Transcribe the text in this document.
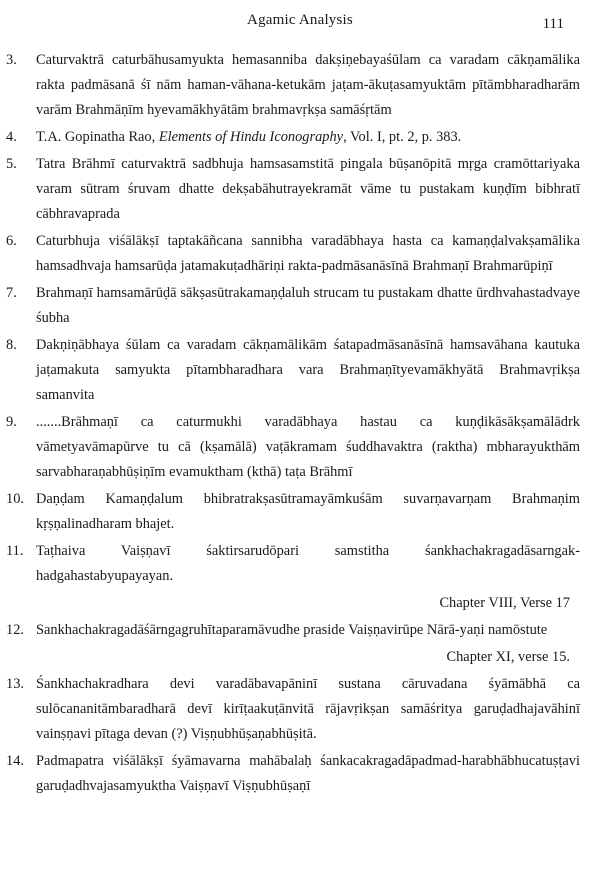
Agamic Analysis	111
3.	Caturvaktrā caturbāhusamyukta hemasanniba dakṣiṇebayaśūlam ca varadam cākṇamālika rakta padmāsanā śī nām haman-vāhana-ketukām jaṭam-ākuṭasamyuktām pītāmbharadharām varām Brahmāṇīm hyevamākhyātām brahmavṛkṣa samāśṛtām
4.	T.A. Gopinatha Rao, Elements of Hindu Iconography, Vol. I, pt. 2, p. 383.
5.	Tatra Brāhmī caturvaktrā sadbhuja hamsasamstitā pingala būṣanōpitā mṛga cramōttariyaka varam sūtram śruvam dhatte dekṣabāhutrayekramāt vāme tu pustakam kuṇḍīm bibhratī cābhravaprada
6.	Caturbhuja viśālākṣī taptakāñcana sannibha varadābhaya hasta ca kamaṇḍalvakṣamālika hamsadhvaja hamsarūḍa jatamakuṭadhāriṇi rakta-padmāsanāsīnā Brahmaṇī Brahmarūpiṇī
7.	Brahmaṇī hamsamārūḍā sākṣasūtrakamaṇḍaluh strucam tu pustakam dhatte ūrdhvahastadvaye śubha
8.	Dakṇiṇābhaya śūlam ca varadam cākṇamālikām śatapadmāsanāsīnā hamsavāhana kautuka jaṭamakuta samyukta pītambharadhara vara Brahmaṇītyevamākhyātā Brahmavṛikṣa samanvita
9.	.......Brāhmaṇī ca caturmukhi varadābhaya hastau ca kuṇḍikāsākṣamālādrk vāmetyavāmapūrve tu cā (kṣamālā) vaṭākramam śuddhavaktra (raktha) mbharayukthām sarvabharaṇabhūṣiṇīm evamuktham (kthā) taṭa Brāhmī
10. Daṇḍam Kamaṇḍalum bhibratrakṣasūtramayāmkuśām suvarṇavarṇam Brahmaṇim kṛṣṇalinadharam bhajet.
11. Taṭhaiva Vaiṣṇavī śaktirsarudōpari samstitha śankhachakragadāsarngak-hadgahastabyupayayan.
Chapter VIII, Verse 17
12. Sankhachakragadāśārngagruhītaparamāvudhe praside Vaiṣṇavirūpe Nārā-yaṇi namōstute
Chapter XI, verse 15.
13. Śankhachakradhara devi varadābavapāninī sustana cāruvadana śyāmābhā ca sulōcananitāmbaradharā devī kirīṭaakuṭānvitā rājavṛikṣan samāśritya garuḍadhajavāhinī vainṣṇavi pītaga devan (?) Viṣṇubhūṣaṇabhūṣitā.
14. Padmapatra viśālākṣī śyāmavarna mahābalaḥ śankacakragadāpadmad-harabhābhucatuṣṭavi garuḍadhvajasamyuktha Vaiṣṇavī Viṣṇubhūṣaṇī
